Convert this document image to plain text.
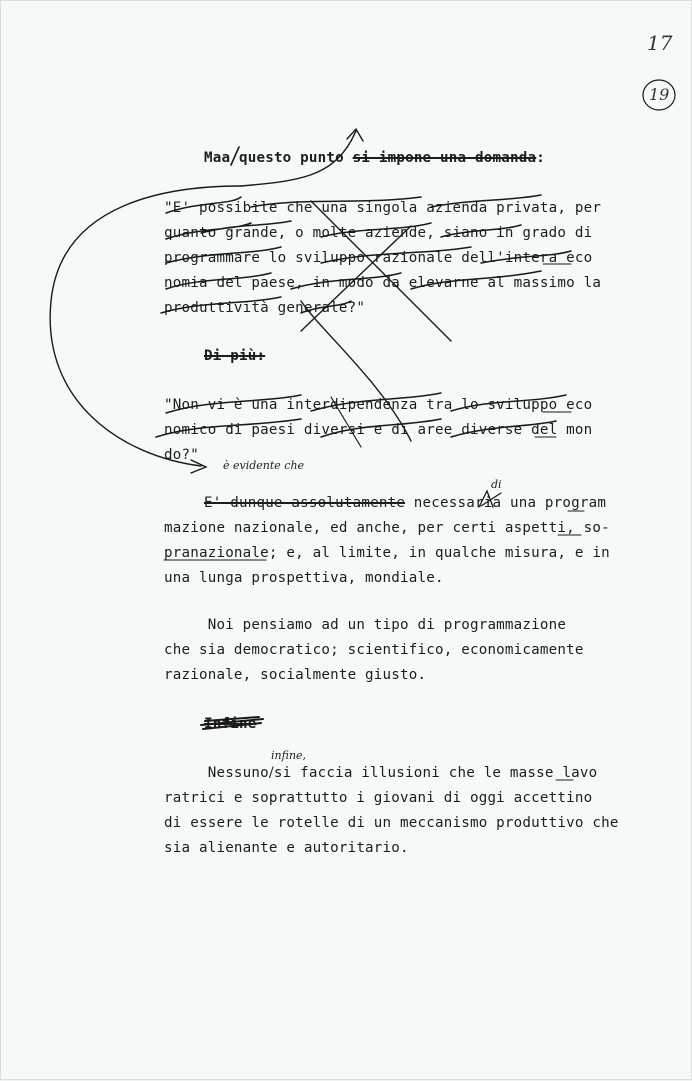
17
19
Maa questo punto si impone una domanda:
"E' possibile che una singola azienda privata, per
quanto grande, o molte aziende, siano in grado di
programmare lo sviluppo razionale dell'intera eco
nomia del paese, in modo da elevarne al massimo la
produttività generale?"
Di più:
"Non vi è una interdipendenza tra lo sviluppo eco
nomico di paesi diversi e di aree diverse del mon
do?"
è evidente che
di
E' dunque assolutamente necessaria una program
mazione nazionale, ed anche, per certi aspetti, so-
pranazionale; e, al limite, in qualche misura, e in
una lunga prospettiva, mondiale.
Noi pensiamo ad un tipo di programmazione
che sia democratico; scientifico, economicamente
razionale, socialmente giusto.
Infine
infine,
Nessuno/si faccia illusioni che le masse lavo
ratrici e soprattutto i giovani di oggi accettino
di essere le rotelle di un meccanismo produttivo che
sia alienante e autoritario.
